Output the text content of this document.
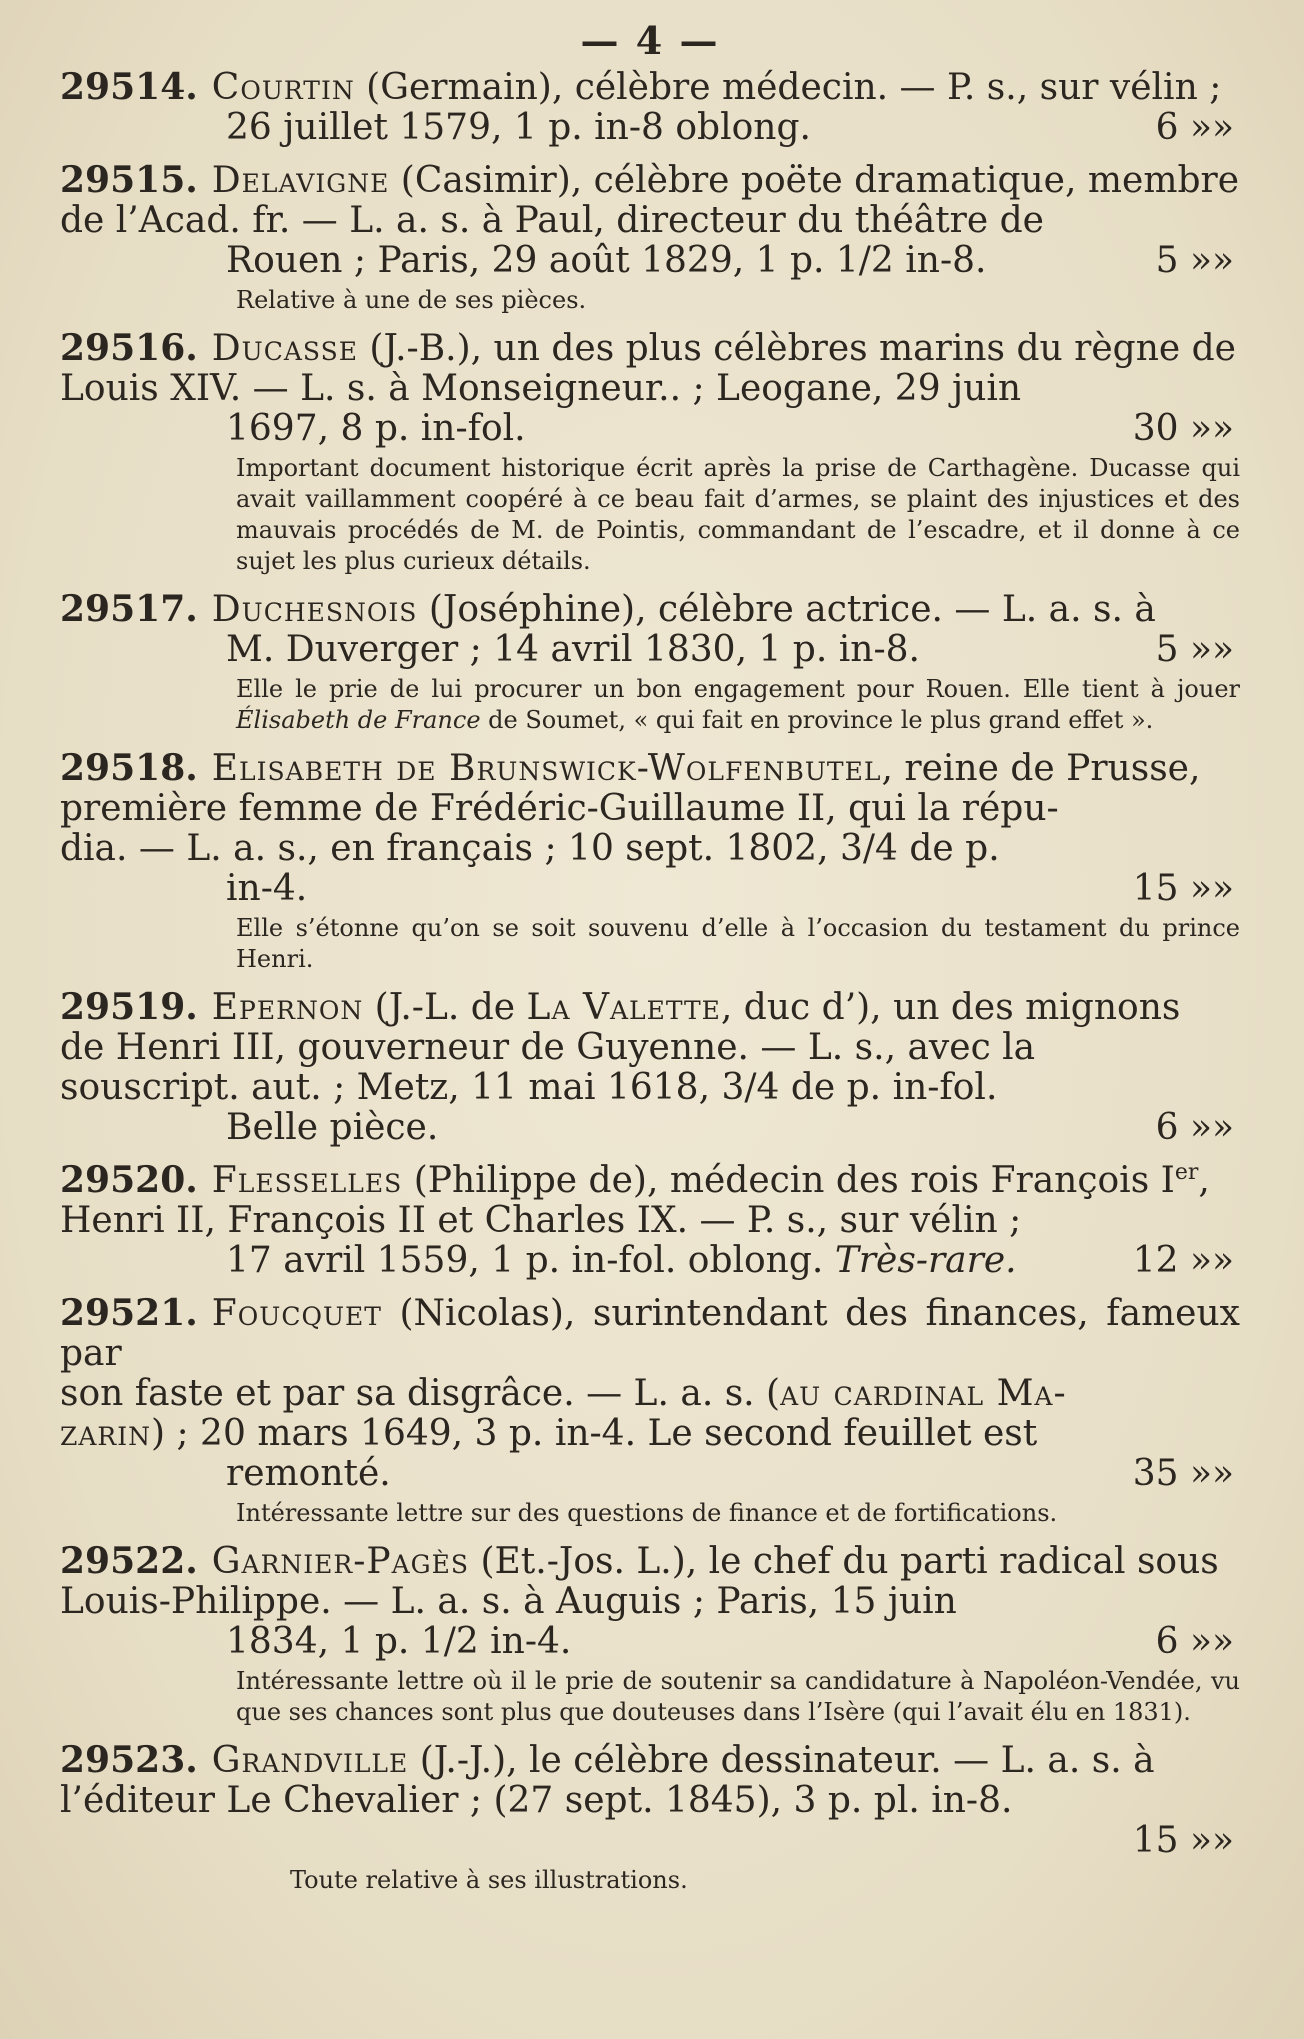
— 4 —
29514. Courtin (Germain), célèbre médecin. — P. s., sur vélin ;
26 juillet 1579, 1 p. in-8 oblong.	6 »»
29515. Delavigne (Casimir), célèbre poëte dramatique, membre
de l’Acad. fr. — L. a. s. à Paul, directeur du théâtre de
Rouen ; Paris, 29 août 1829, 1 p. 1/2 in-8.	5 »»
Relative à une de ses pièces.
29516. Ducasse (J.-B.), un des plus célèbres marins du règne de
Louis XIV. — L. s. à Monseigneur.. ; Leogane, 29 juin
1697, 8 p. in-fol.	30 »»
Important document historique écrit après la prise de Carthagène. Ducasse qui avait vaillamment coopéré à ce beau fait d’armes, se plaint des injustices et des mauvais procédés de M. de Pointis, commandant de l’escadre, et il donne à ce sujet les plus curieux détails.
29517. Duchesnois (Joséphine), célèbre actrice. — L. a. s. à
M. Duverger ; 14 avril 1830, 1 p. in-8.	5 »»
Elle le prie de lui procurer un bon engagement pour Rouen. Elle tient à jouer Élisabeth de France de Soumet, « qui fait en province le plus grand effet ».
29518. Elisabeth de Brunswick-Wolfenbutel, reine de Prusse,
première femme de Frédéric-Guillaume II, qui la répu-
dia. — L. a. s., en français ; 10 sept. 1802, 3/4 de p.
in-4.	15 »»
Elle s’étonne qu’on se soit souvenu d’elle à l’occasion du testament du prince Henri.
29519. Epernon (J.-L. de La Valette, duc d’), un des mignons
de Henri III, gouverneur de Guyenne. — L. s., avec la
souscript. aut. ; Metz, 11 mai 1618, 3/4 de p. in-fol.
Belle pièce.	6 »»
29520. Flesselles (Philippe de), médecin des rois François Ier,
Henri II, François II et Charles IX. — P. s., sur vélin ;
17 avril 1559, 1 p. in-fol. oblong. Très-rare.	12 »»
29521. Foucquet (Nicolas), surintendant des finances, fameux par
son faste et par sa disgrâce. — L. a. s. (au cardinal Ma-
zarin) ; 20 mars 1649, 3 p. in-4. Le second feuillet est
remonté.	35 »»
Intéressante lettre sur des questions de finance et de fortifications.
29522. Garnier-Pagès (Et.-Jos. L.), le chef du parti radical sous
Louis-Philippe. — L. a. s. à Auguis ; Paris, 15 juin
1834, 1 p. 1/2 in-4.	6 »»
Intéressante lettre où il le prie de soutenir sa candidature à Napoléon-Vendée, vu que ses chances sont plus que douteuses dans l’Isère (qui l’avait élu en 1831).
29523. Grandville (J.-J.), le célèbre dessinateur. — L. a. s. à
l’éditeur Le Chevalier ; (27 sept. 1845), 3 p. pl. in-8.
15 »»
Toute relative à ses illustrations.
